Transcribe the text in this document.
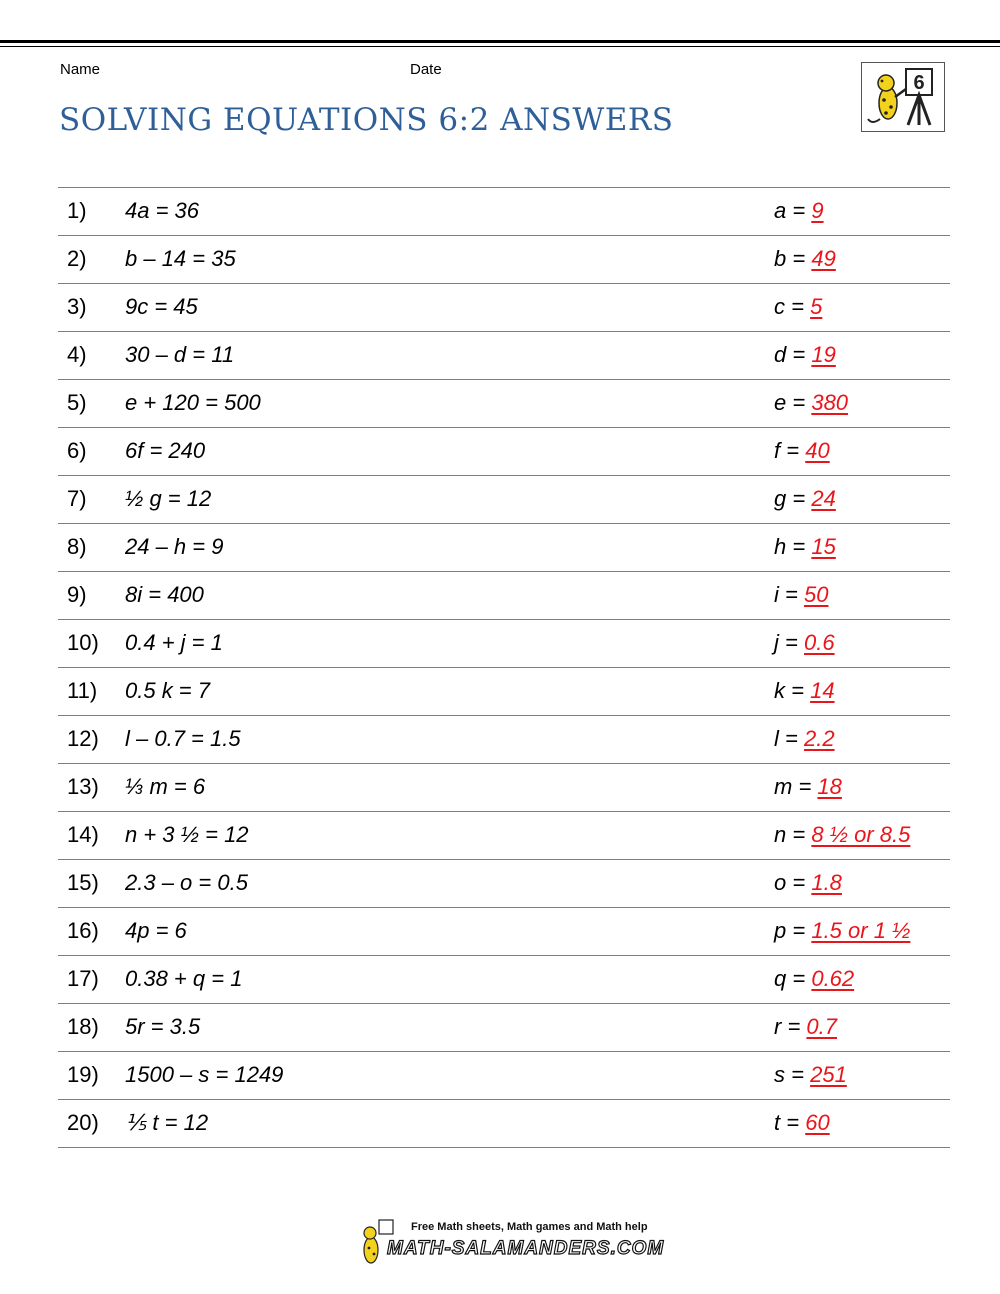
Name	Date
SOLVING EQUATIONS 6:2 ANSWERS
6
1) 4a = 36	a = 9
2) b – 14 = 35	b = 49
3) 9c = 45	c = 5
4) 30 – d = 11	d = 19
5) e + 120 = 500	e = 380
6) 6f = 240	f = 40
7) ½ g = 12	g = 24
8) 24 – h = 9	h = 15
9) 8i = 400	i = 50
10) 0.4 + j = 1	j = 0.6
11) 0.5 k = 7	k = 14
12) l – 0.7 = 1.5	l = 2.2
13) ⅓ m = 6	m = 18
14) n + 3 ½ = 12	n = 8 ½ or 8.5
15) 2.3 – o = 0.5	o = 1.8
16) 4p = 6	p = 1.5 or 1 ½
17) 0.38 + q = 1	q = 0.62
18) 5r = 3.5	r = 0.7
19) 1500 – s = 1249	s = 251
20) ⅕ t = 12	t = 60
Free Math sheets, Math games and Math help
MATH-SALAMANDERS.COM
